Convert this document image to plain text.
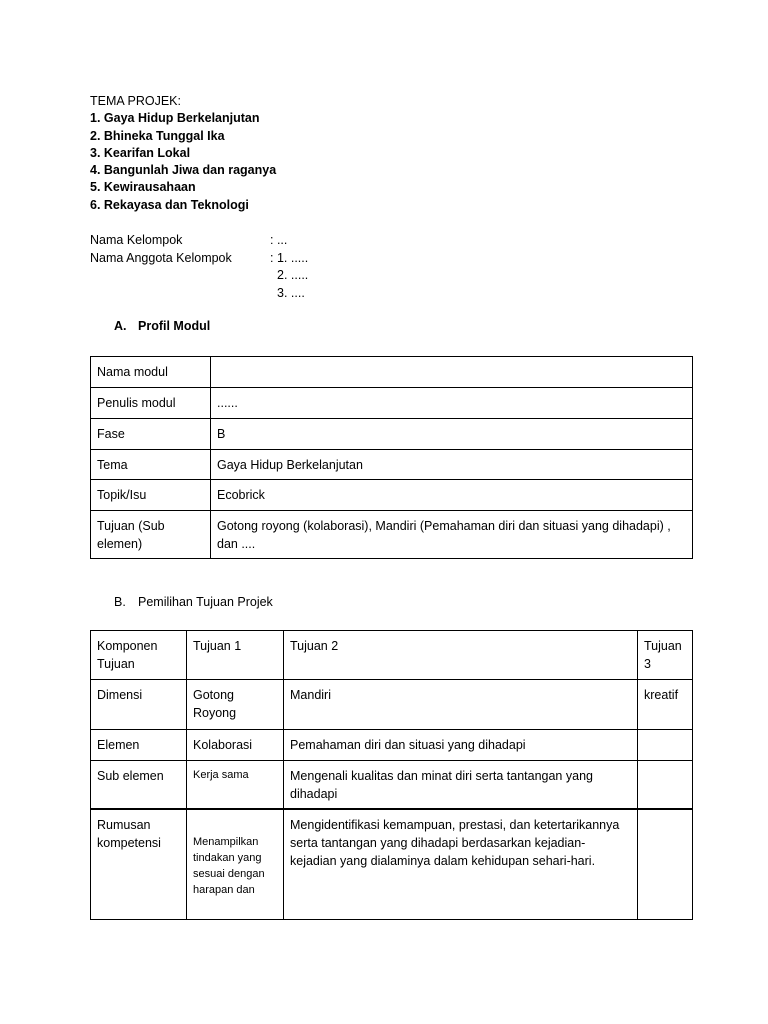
TEMA PROJEK:

1. Gaya Hidup Berkelanjutan

2. Bhineka Tunggal Ika

3. Kearifan Lokal

4. Bangunlah Jiwa dan raganya

5. Kewirausahaan

6. Rekayasa dan Teknologi

Nama Kelompok	: ...
Nama Anggota Kelompok	: 1. .....
2. .....
3. ....
A. Profil Modul
Nama modul	
Penulis modul	......
Fase	B
Tema	Gaya Hidup Berkelanjutan
Topik/Isu	Ecobrick
Tujuan (Sub elemen)	Gotong royong (kolaborasi), Mandiri (Pemahaman diri dan situasi yang dihadapi) , dan ....
B. Pemilihan Tujuan Projek
Komponen Tujuan	Tujuan 1	Tujuan 2	Tujuan 3
Dimensi	Gotong Royong	Mandiri	kreatif
Elemen	Kolaborasi	Pemahaman diri dan situasi yang dihadapi	
Sub elemen	Kerja sama	Mengenali kualitas dan minat diri serta tantangan yang dihadapi	
Rumusan kompetensi	Menampilkan tindakan yang sesuai dengan harapan dan	Mengidentifikasi kemampuan, prestasi, dan ketertarikannya serta tantangan yang dihadapi berdasarkan kejadian-kejadian yang dialaminya dalam kehidupan sehari-hari.	
